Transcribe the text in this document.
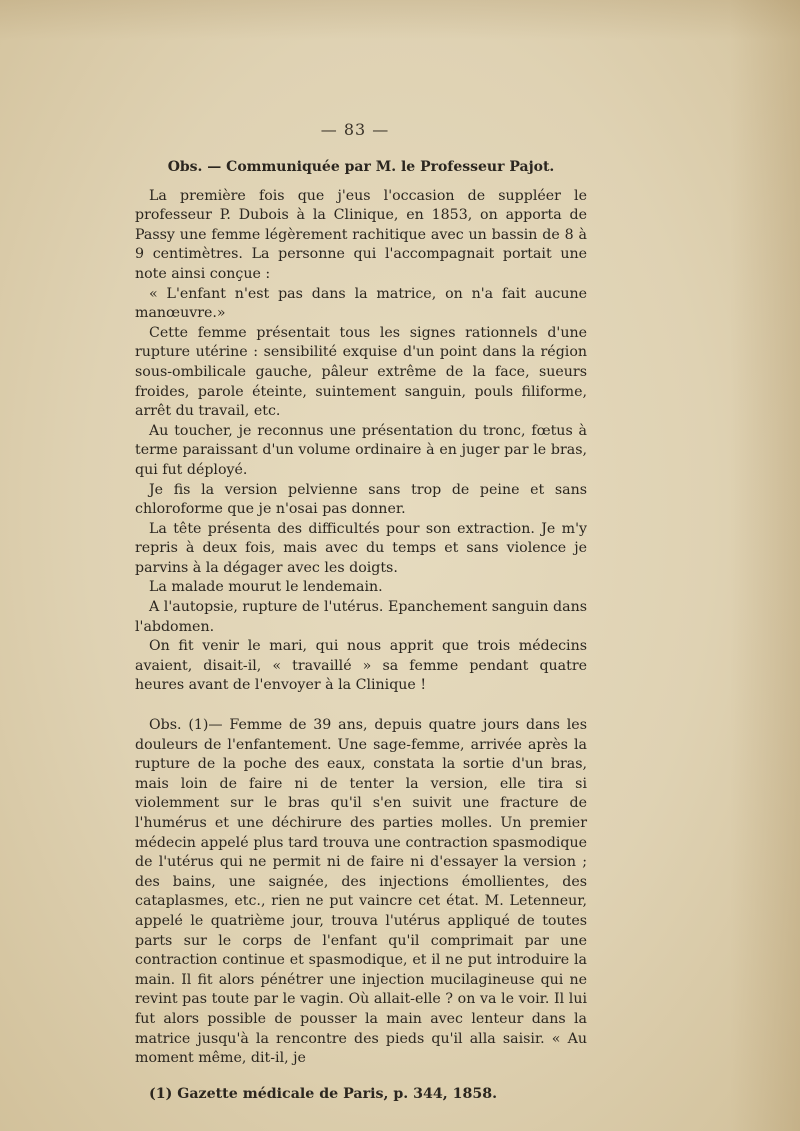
— 83 —

Obs. — Communiquée par M. le Professeur Pajot.

La première fois que j'eus l'occasion de suppléer le professeur P. Dubois à la Clinique, en 1853, on apporta de Passy une femme légèrement rachitique avec un bassin de 8 à 9 centimètres. La personne qui l'accompagnait portait une note ainsi conçue :

« L'enfant n'est pas dans la matrice, on n'a fait aucune manœuvre.»

Cette femme présentait tous les signes rationnels d'une rupture utérine : sensibilité exquise d'un point dans la région sous-ombilicale gauche, pâleur extrême de la face, sueurs froides, parole éteinte, suintement sanguin, pouls filiforme, arrêt du travail, etc.

Au toucher, je reconnus une présentation du tronc, fœtus à terme paraissant d'un volume ordinaire à en juger par le bras, qui fut déployé.

Je fis la version pelvienne sans trop de peine et sans chloroforme que je n'osai pas donner.

La tête présenta des difficultés pour son extraction. Je m'y repris à deux fois, mais avec du temps et sans violence je parvins à la dégager avec les doigts.

La malade mourut le lendemain.

A l'autopsie, rupture de l'utérus. Epanchement sanguin dans l'abdomen.

On fit venir le mari, qui nous apprit que trois médecins avaient, disait-il, « travaillé » sa femme pendant quatre heures avant de l'envoyer à la Clinique !

Obs. (1)— Femme de 39 ans, depuis quatre jours dans les douleurs de l'enfantement. Une sage-femme, arrivée après la rupture de la poche des eaux, constata la sortie d'un bras, mais loin de faire ni de tenter la version, elle tira si violemment sur le bras qu'il s'en suivit une fracture de l'humérus et une déchirure des parties molles. Un premier médecin appelé plus tard trouva une contraction spasmodique de l'utérus qui ne permit ni de faire ni d'essayer la version ; des bains, une saignée, des injections émollientes, des cataplasmes, etc., rien ne put vaincre cet état. M. Letenneur, appelé le quatrième jour, trouva l'utérus appliqué de toutes parts sur le corps de l'enfant qu'il comprimait par une contraction continue et spasmodique, et il ne put introduire la main. Il fit alors pénétrer une injection mucilagineuse qui ne revint pas toute par le vagin. Où allait-elle ? on va le voir. Il lui fut alors possible de pousser la main avec lenteur dans la matrice jusqu'à la rencontre des pieds qu'il alla saisir. « Au moment même, dit-il, je

(1) Gazette médicale de Paris, p. 344, 1858.
